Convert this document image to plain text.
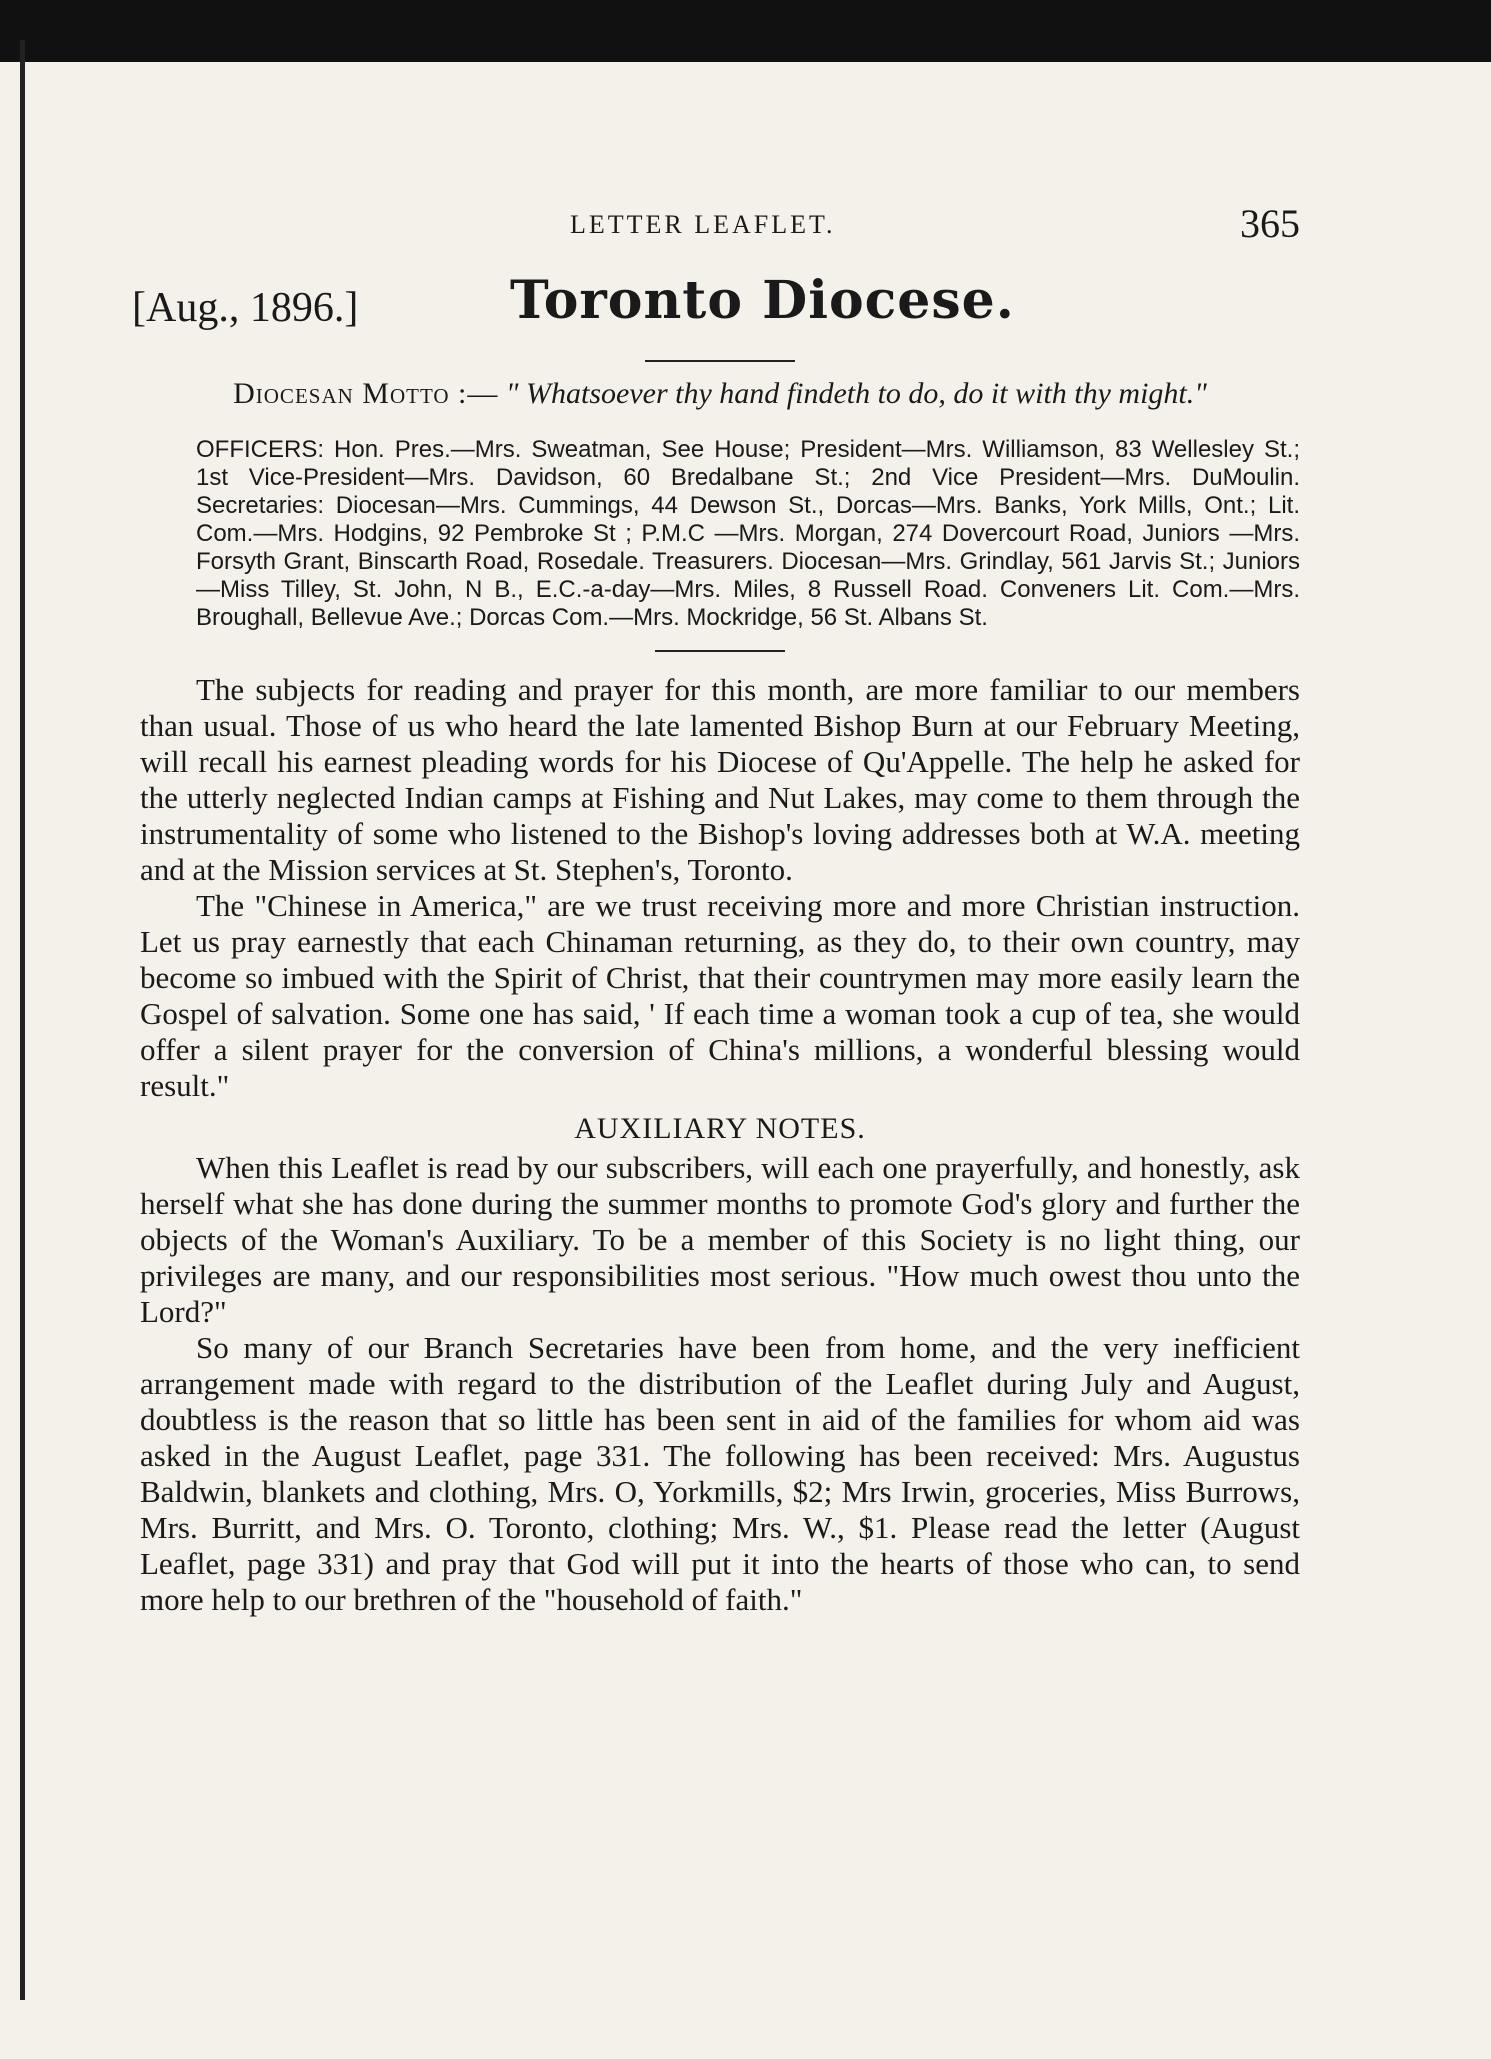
LETTER LEAFLET.	365
[Aug., 1896.]	Toronto Diocese.
Diocesan Motto :— " Whatsoever thy hand findeth to do, do it with thy might."
OFFICERS: Hon. Pres.—Mrs. Sweatman, See House; President—Mrs. Williamson, 83 Wellesley St.; 1st Vice-President—Mrs. Davidson, 60 Bredalbane St.; 2nd Vice President—Mrs. DuMoulin. Secretaries: Diocesan—Mrs. Cummings, 44 Dewson St., Dorcas—Mrs. Banks, York Mills, Ont.; Lit. Com.—Mrs. Hodgins, 92 Pembroke St ; P.M.C —Mrs. Morgan, 274 Dovercourt Road, Juniors —Mrs. Forsyth Grant, Binscarth Road, Rosedale. Treasurers. Diocesan—Mrs. Grindlay, 561 Jarvis St.; Juniors—Miss Tilley, St. John, N B., E.C.-a-day—Mrs. Miles, 8 Russell Road. Conveners Lit. Com.—Mrs. Broughall, Bellevue Ave.; Dorcas Com.—Mrs. Mockridge, 56 St. Albans St.

The subjects for reading and prayer for this month, are more familiar to our members than usual. Those of us who heard the late lamented Bishop Burn at our February Meeting, will recall his earnest pleading words for his Diocese of Qu'Appelle. The help he asked for the utterly neglected Indian camps at Fishing and Nut Lakes, may come to them through the instrumentality of some who listened to the Bishop's loving addresses both at W.A. meeting and at the Mission services at St. Stephen's, Toronto.

The "Chinese in America," are we trust receiving more and more Christian instruction. Let us pray earnestly that each Chinaman returning, as they do, to their own country, may become so imbued with the Spirit of Christ, that their countrymen may more easily learn the Gospel of salvation. Some one has said, ' If each time a woman took a cup of tea, she would offer a silent prayer for the conversion of China's millions, a wonderful blessing would result."

AUXILIARY NOTES.

When this Leaflet is read by our subscribers, will each one prayerfully, and honestly, ask herself what she has done during the summer months to promote God's glory and further the objects of the Woman's Auxiliary. To be a member of this Society is no light thing, our privileges are many, and our responsibilities most serious. "How much owest thou unto the Lord?"

So many of our Branch Secretaries have been from home, and the very inefficient arrangement made with regard to the distribution of the Leaflet during July and August, doubtless is the reason that so little has been sent in aid of the families for whom aid was asked in the August Leaflet, page 331. The following has been received: Mrs. Augustus Baldwin, blankets and clothing, Mrs. O, Yorkmills, $2; Mrs Irwin, groceries, Miss Burrows, Mrs. Burritt, and Mrs. O. Toronto, clothing; Mrs. W., $1. Please read the letter (August Leaflet, page 331) and pray that God will put it into the hearts of those who can, to send more help to our brethren of the "household of faith."
